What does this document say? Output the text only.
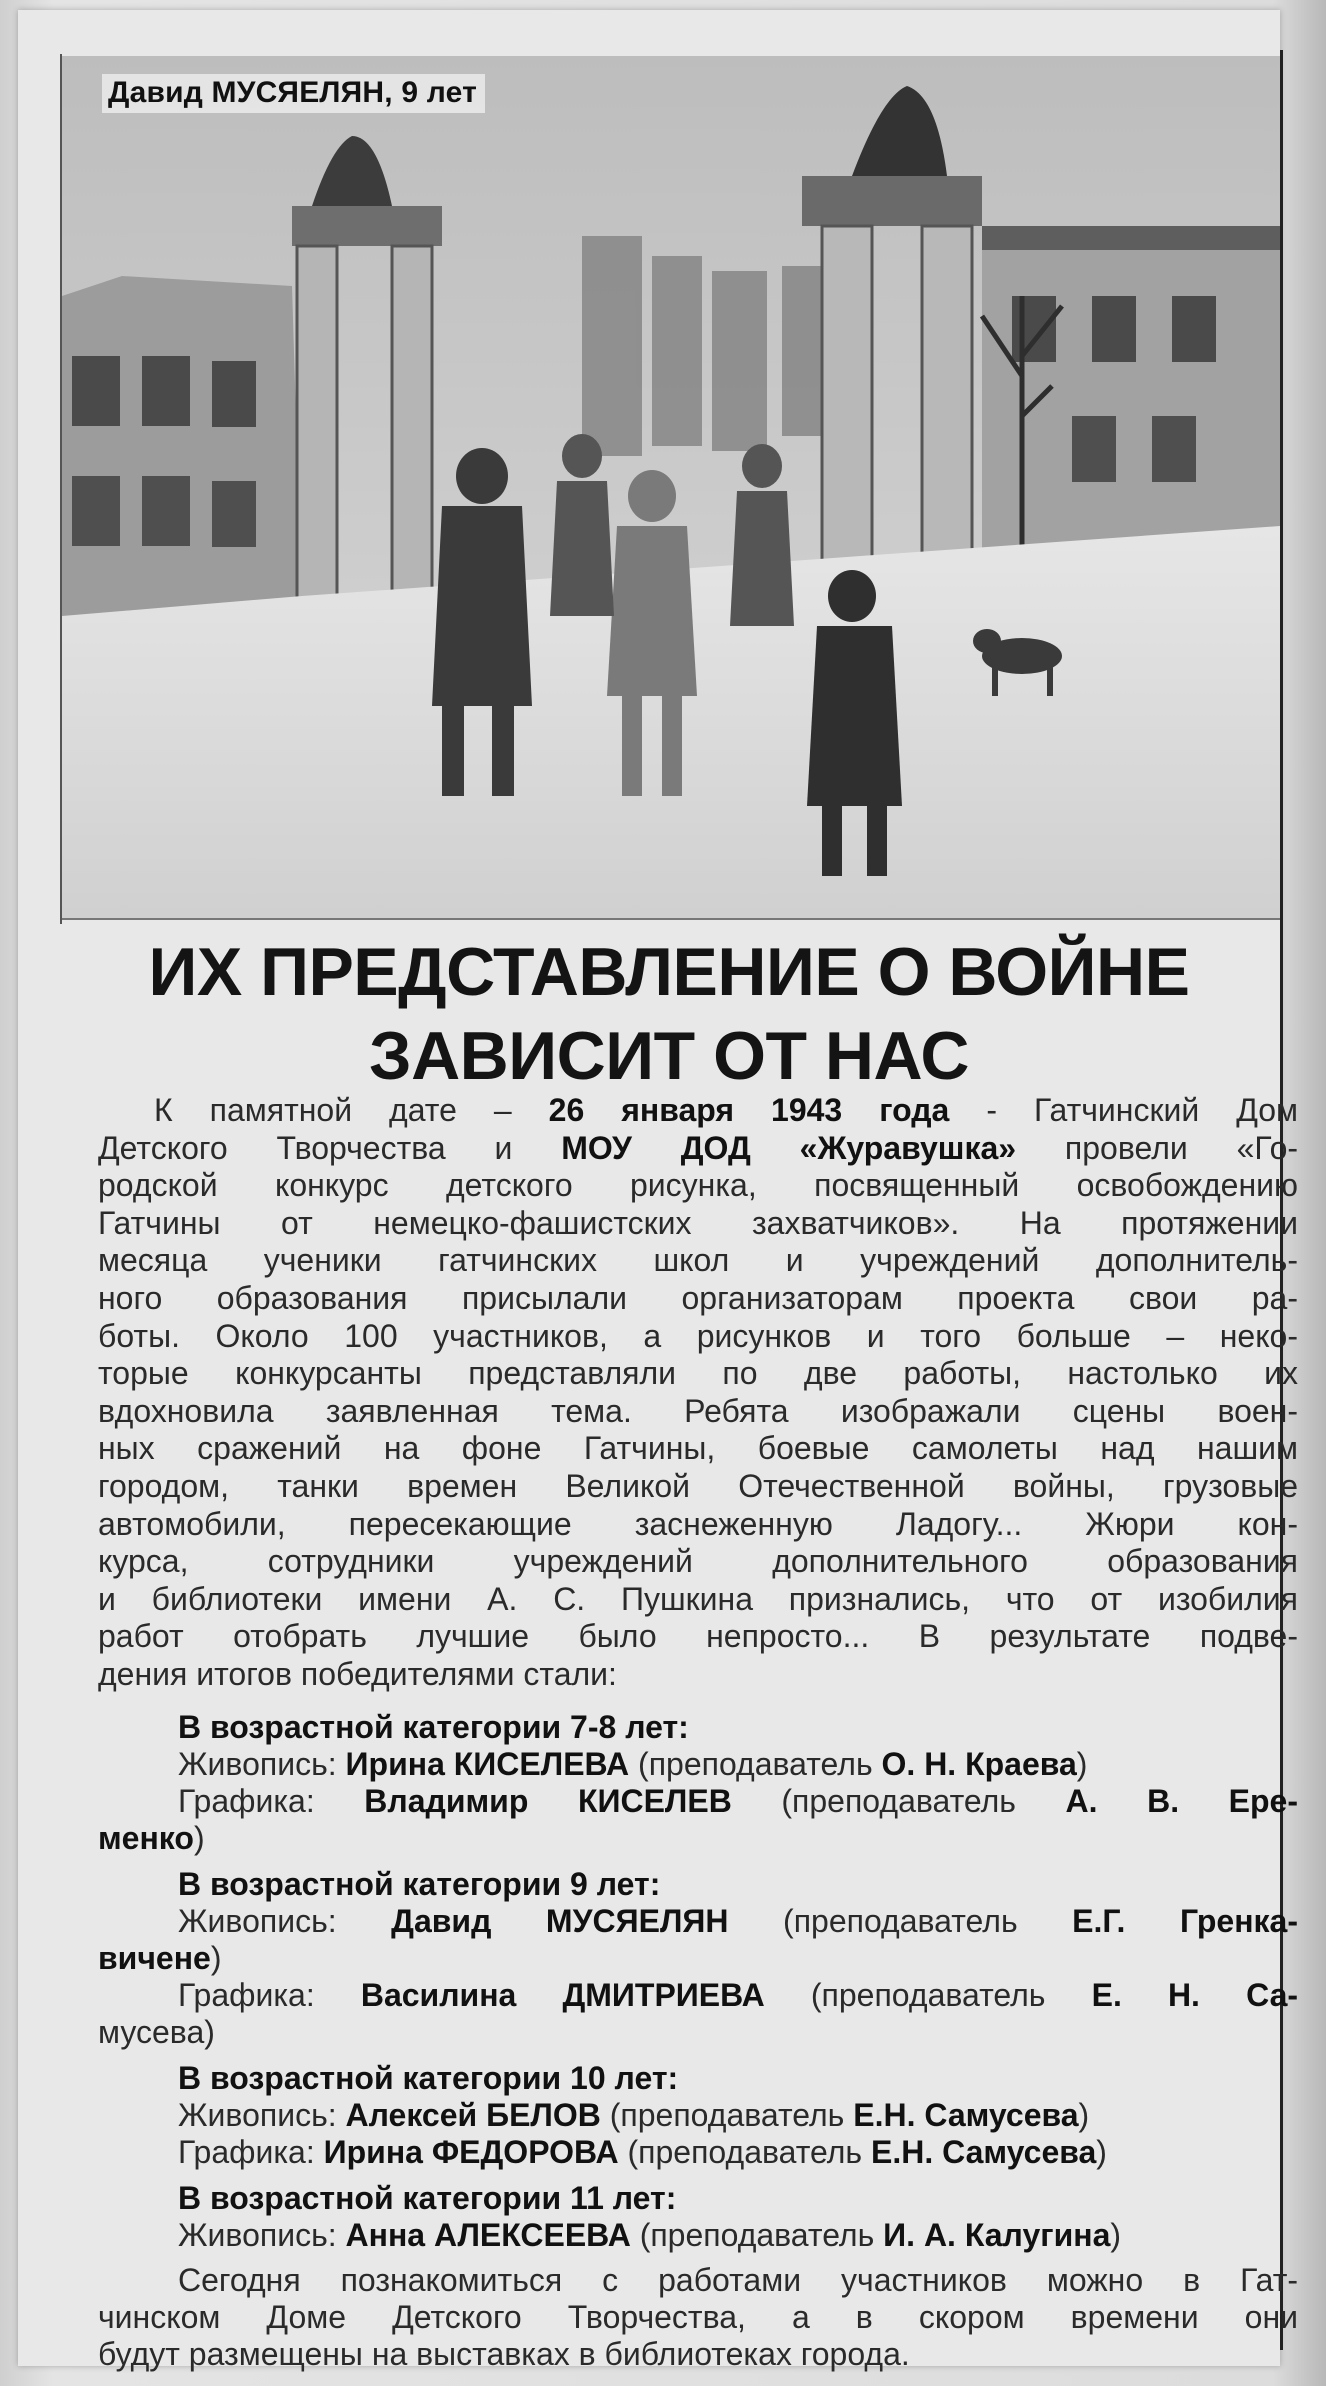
Давид МУСЯЕЛЯН, 9 лет
ИХ ПРЕДСТАВЛЕНИЕ О ВОЙНЕ
ЗАВИСИТ ОТ НАС
К памятной дате – 26 января 1943 года - Гатчинский Дом
Детского Творчества и МОУ ДОД «Журавушка» провели «Го-
родской конкурс детского рисунка, посвященный освобождению
Гатчины от немецко-фашистских захватчиков». На протяжении
месяца ученики гатчинских школ и учреждений дополнитель-
ного образования присылали организаторам проекта свои ра-
боты. Около 100 участников, а рисунков и того больше – неко-
торые конкурсанты представляли по две работы, настолько их
вдохновила заявленная тема. Ребята изображали сцены воен-
ных сражений на фоне Гатчины, боевые самолеты над нашим
городом, танки времен Великой Отечественной войны, грузовые
автомобили, пересекающие заснеженную Ладогу... Жюри кон-
курса, сотрудники учреждений дополнительного образования
и библиотеки имени А. С. Пушкина признались, что от изобилия
работ отобрать лучшие было непросто... В результате подве-
дения итогов победителями стали:
В возрастной категории 7-8 лет:
Живопись: Ирина КИСЕЛЕВА (преподаватель О. Н. Краева)
Графика: Владимир КИСЕЛЕВ (преподаватель А. В. Ере-
менко)
В возрастной категории 9 лет:
Живопись: Давид МУСЯЕЛЯН (преподаватель Е.Г. Гренка-
вичене)
Графика: Василина ДМИТРИЕВА (преподаватель Е. Н. Са-
мусева)
В возрастной категории 10 лет:
Живопись: Алексей БЕЛОВ (преподаватель Е.Н. Самусева)
Графика: Ирина ФЕДОРОВА (преподаватель Е.Н. Самусева)
В возрастной категории 11 лет:
Живопись: Анна АЛЕКСЕЕВА (преподаватель И. А. Калугина)
Сегодня познакомиться с работами участников можно в Гат-
чинском Доме Детского Творчества, а в скором времени они
будут размещены на выставках в библиотеках города.
